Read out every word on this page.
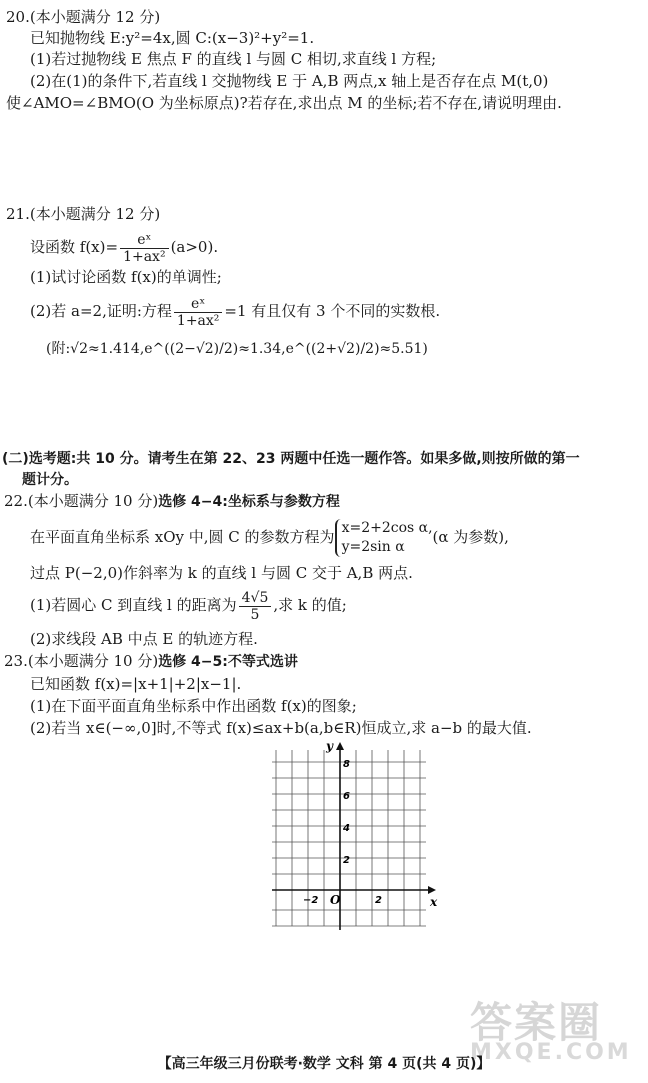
20.(本小题满分 12 分)
已知抛物线 E:y²=4x,圆 C:(x−3)²+y²=1.
(1)若过抛物线 E 焦点 F 的直线 l 与圆 C 相切,求直线 l 方程;
(2)在(1)的条件下,若直线 l 交抛物线 E 于 A,B 两点,x 轴上是否存在点 M(t,0)
使∠AMO=∠BMO(O 为坐标原点)?若存在,求出点 M 的坐标;若不存在,请说明理由.
21.(本小题满分 12 分)
设函数 $f(x)= \frac{\text{eˣ}}{\text{1+ax²}} (a>0)$.
(1)试讨论函数 f(x)的单调性;
(2)若 a=2,证明:方程 $\frac{\text{eˣ}}{\text{1+ax²}} =1$ 有且仅有 3 个不同的实数根.
(附:√2≈1.414,e^((2−√2)/2)≈1.34,e^((2+√2)/2)≈5.51)
(二)选考题:共 10 分。请考生在第 22、23 两题中任选一题作答。如果多做,则按所做的第一
题计分。
22.(本小题满分 10 分)选修 4−4:坐标系与参数方程
在平面直角坐标系 xOy 中,圆 C 的参数方程为 x=2+2cos α,
y=2sin α
(α 为参数),
过点 P(−2,0)作斜率为 k 的直线 l 与圆 C 交于 A,B 两点.
(1)若圆心 C 到直线 l 的距离为 $\frac{4√5}{5}$ ,求 k 的值;
(2)求线段 AB 中点 E 的轨迹方程.
23.(本小题满分 10 分)选修 4−5:不等式选讲
已知函数 f(x)=|x+1|+2|x−1|.
(1)在下面平面直角坐标系中作出函数 f(x)的图象;
(2)若当 x∈(−∞,0]时,不等式 f(x)≤ax+b(a,b∈R)恒成立,求 a−b 的最大值.
y
x
O
8
6
4
2
−2	2
答案圈
MXQE.COM
【高三年级三月份联考·数学 文科 第 4 页(共 4 页)】
